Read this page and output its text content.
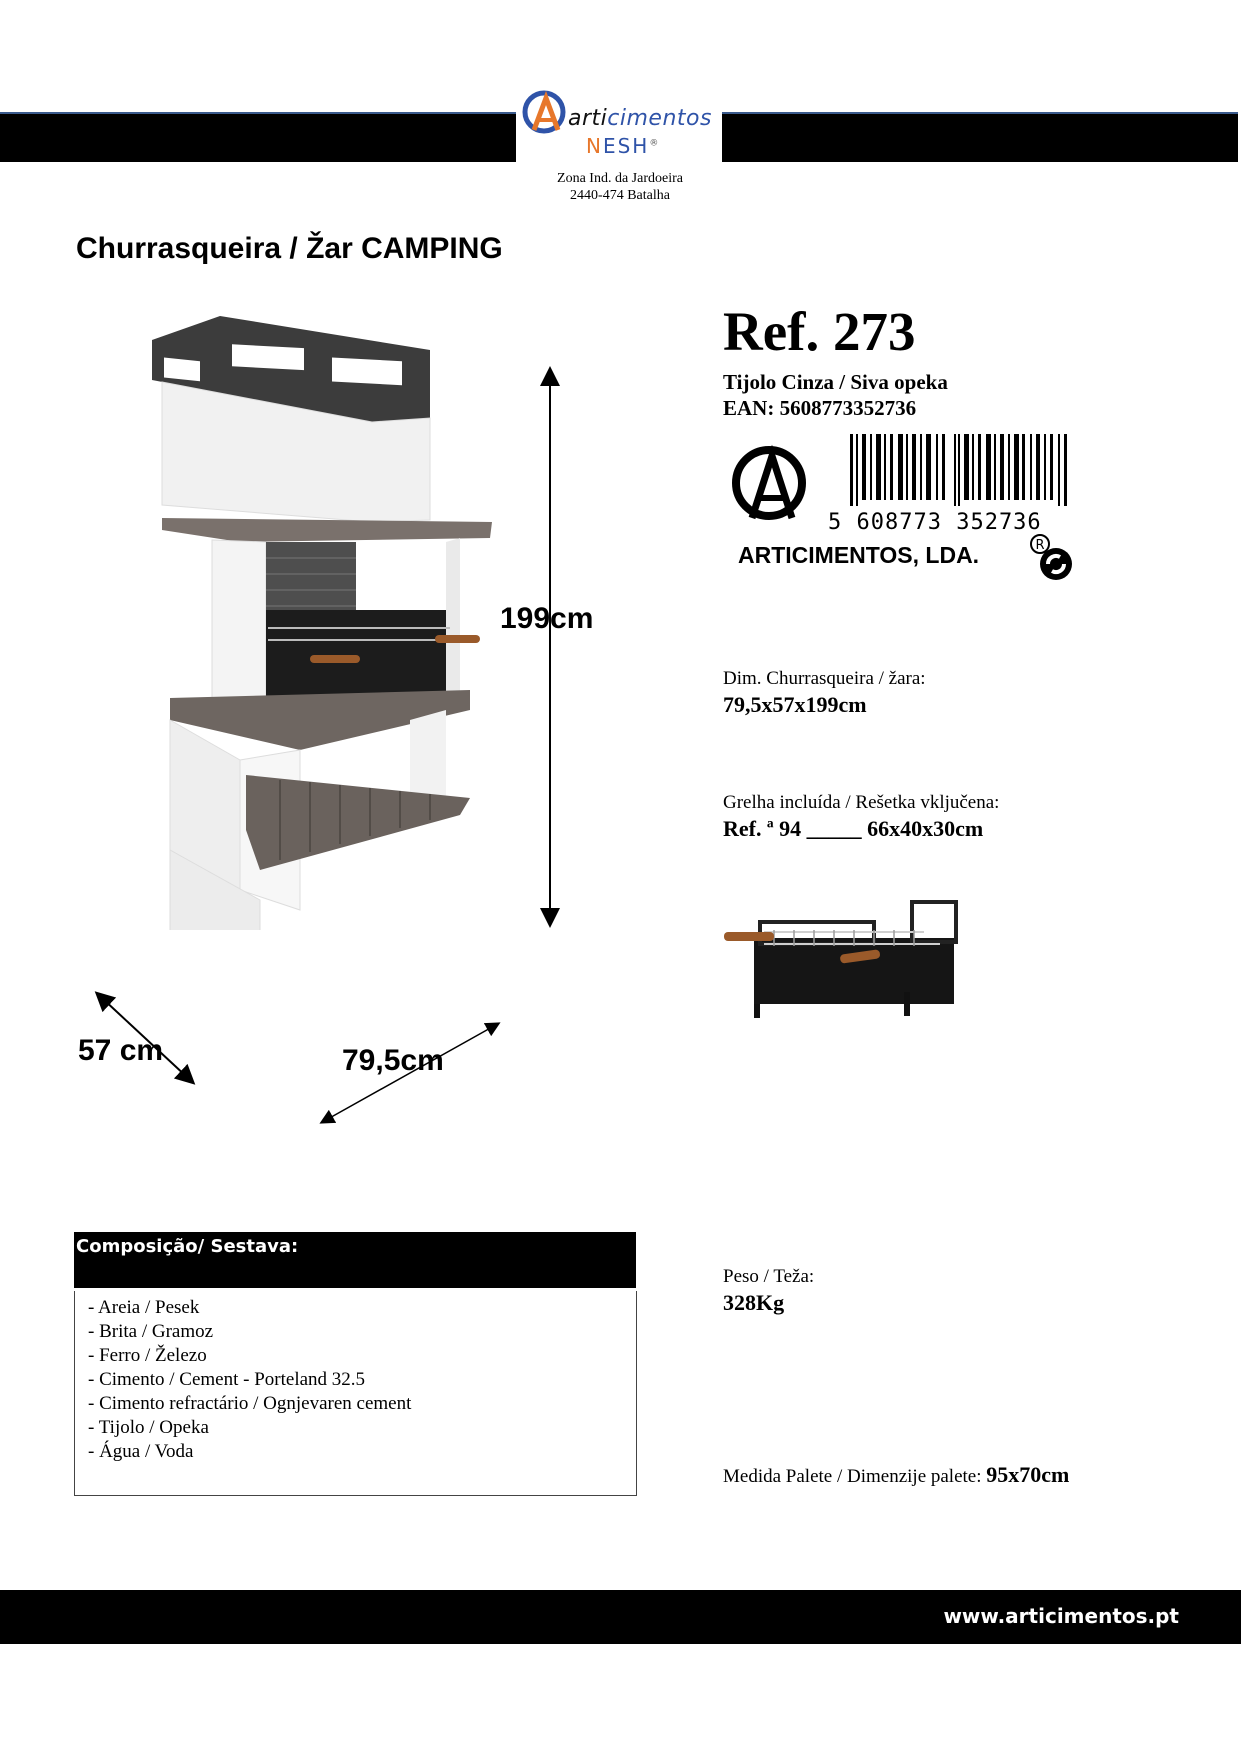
articimentos
NESH®
Zona Ind. da Jardoeira
2440-474 Batalha
Churrasqueira / Žar CAMPING
199cm
57 cm	79,5cm
Ref. 273
Tijolo Cinza / Siva opeka
EAN: 5608773352736
5 608773 352736
ARTICIMENTOS, LDA.	R
Dim. Churrasqueira / žara:
79,5x57x199cm
Grelha incluída / Rešetka vključena:
Ref. ª 94 _____ 66x40x30cm
Composição/ Sestava:
- Areia / Pesek
- Brita / Gramoz
- Ferro / Železo
- Cimento / Cement - Porteland 32.5
- Cimento refractário / Ognjevaren cement
- Tijolo / Opeka
- Água / Voda
Peso / Teža:
328Kg
Medida Palete / Dimenzije palete: 95x70cm
www.articimentos.pt
